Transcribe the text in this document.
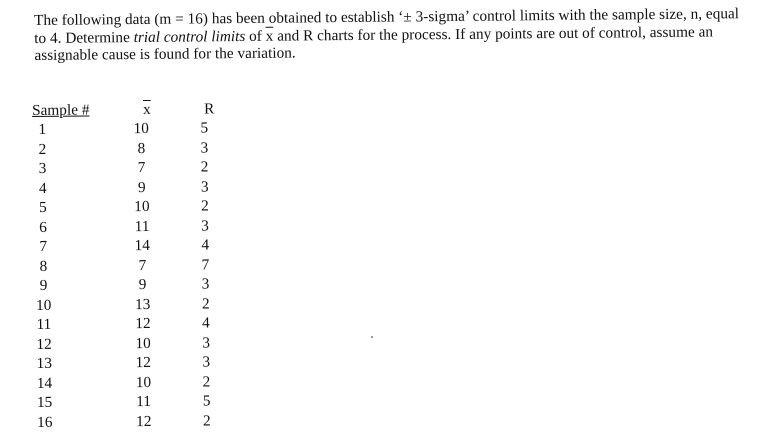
The following data (m = 16) has been obtained to establish ‘± 3-sigma’ control limits with the sample size, n, equal to 4. Determine trial control limits of $\overline{x}$ and R charts for the process. If any points are out of control, assume an assignable cause is found for the variation.

Sample #	$\overline{x}$	R
1	10	5
2	8	3
3	7	2
4	9	3
5	10	2
6	11	3
7	14	4
8	7	7
9	9	3
10	13	2
11	12	4
12	10	3
13	12	3
14	10	2
15	11	5
16	12	2
